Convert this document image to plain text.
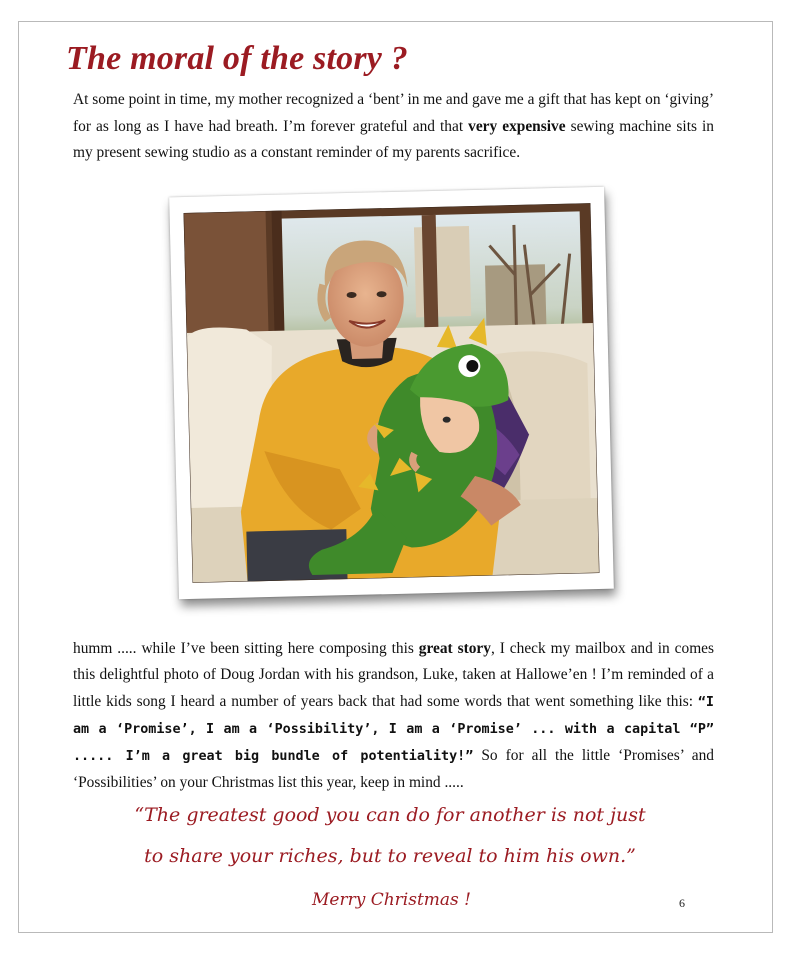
The moral of the story ?

At some point in time, my mother recognized a ‘bent’ in me and gave me a gift that has kept on ‘giving’ for as long as I have had breath. I’m forever grateful and that very expensive sewing machine sits in my present sewing studio as a constant reminder of my parents sacrifice.

humm ..... while I’ve been sitting here composing this great story, I check my mailbox and in comes this delightful photo of Doug Jordan with his grandson, Luke, taken at Hallowe’en ! I’m reminded of a little kids song I heard a number of years back that had some words that went something like this: “I am a ‘Promise’, I am a ‘Possibility’, I am a ‘Promise’ ... with a capital “P” ..... I’m a great big bundle of potentiality!” So for all the little ‘Promises’ and ‘Possibilities’ on your Christmas list this year, keep in mind .....

“The greatest good you can do for another is not just

to share your riches, but to reveal to him his own.”

Merry Christmas !	6
